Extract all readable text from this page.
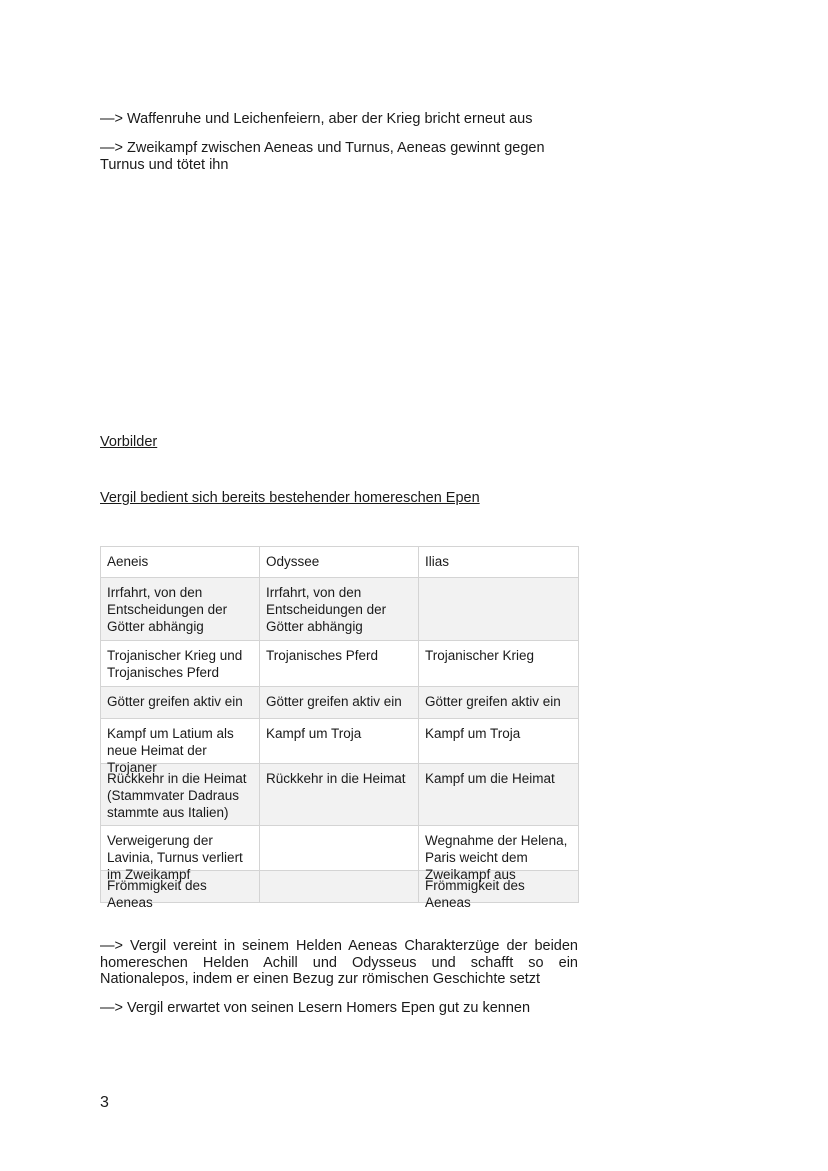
—> Waffenruhe und Leichenfeiern, aber der Krieg bricht erneut aus
—> Zweikampf zwischen Aeneas und Turnus, Aeneas gewinnt gegen Turnus und tötet ihn
Vorbilder
Vergil bedient sich bereits bestehender homereschen Epen
Aeneis	Odyssee	Ilias

Irrfahrt, von den Entscheidungen der Götter abhängig	Irrfahrt, von den Entscheidungen der Götter abhängig	

Trojanischer Krieg und Trojanisches Pferd	Trojanisches Pferd	Trojanischer Krieg

Götter greifen aktiv ein	Götter greifen aktiv ein	Götter greifen aktiv ein

Kampf um Latium als neue Heimat der Trojaner	Kampf um Troja	Kampf um Troja

Rückkehr in die Heimat (Stammvater Dadraus stammte aus Italien)	Rückkehr in die Heimat	Kampf um die Heimat

Verweigerung der Lavinia, Turnus verliert im Zweikampf		Wegnahme der Helena, Paris weicht dem Zweikampf aus

Frömmigkeit des Aeneas		Frömmigkeit des Aeneas
—> Vergil vereint in seinem Helden Aeneas Charakterzüge der beiden homereschen Helden Achill und Odysseus und schafft so ein Nationalepos, indem er einen Bezug zur römischen Geschichte setzt
—> Vergil erwartet von seinen Lesern Homers Epen gut zu kennen
3
